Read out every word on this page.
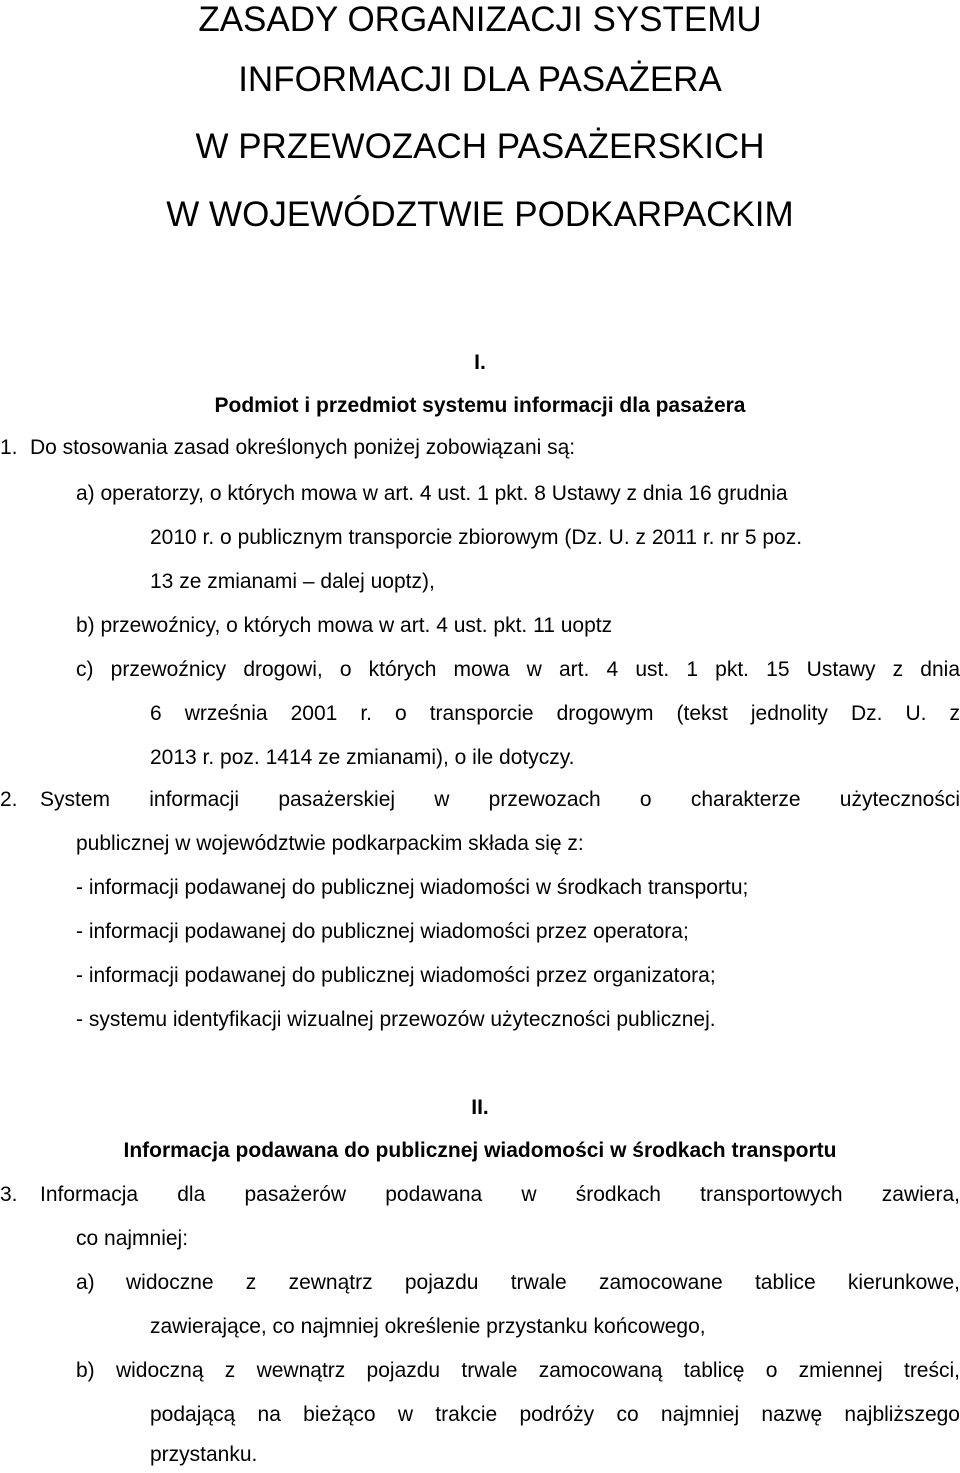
ZASADY ORGANIZACJI SYSTEMU
INFORMACJI DLA PASAŻERA
W PRZEWOZACH PASAŻERSKICH
W WOJEWÓDZTWIE PODKARPACKIM
I.
Podmiot i przedmiot systemu informacji dla pasażera
1. Do stosowania zasad określonych poniżej zobowiązani są:
a) operatorzy, o których mowa w art. 4 ust. 1 pkt. 8 Ustawy z dnia 16 grudnia
2010 r. o publicznym transporcie zbiorowym (Dz. U. z 2011 r. nr 5 poz.
13 ze zmianami – dalej uoptz),
b) przewoźnicy, o których mowa w art. 4 ust. pkt. 11 uoptz
c) przewoźnicy drogowi, o których mowa w art. 4 ust. 1 pkt. 15 Ustawy z dnia
6 września 2001 r. o transporcie drogowym (tekst jednolity Dz. U. z
2013 r. poz. 1414 ze zmianami), o ile dotyczy.
2. System informacji pasażerskiej w przewozach o charakterze użyteczności
publicznej w województwie podkarpackim składa się z:
- informacji podawanej do publicznej wiadomości w środkach transportu;
- informacji podawanej do publicznej wiadomości przez operatora;
- informacji podawanej do publicznej wiadomości przez organizatora;
- systemu identyfikacji wizualnej przewozów użyteczności publicznej.
II.
Informacja podawana do publicznej wiadomości w środkach transportu
3. Informacja dla pasażerów podawana w środkach transportowych zawiera,
co najmniej:
a) widoczne z zewnątrz pojazdu trwale zamocowane tablice kierunkowe,
zawierające, co najmniej określenie przystanku końcowego,
b) widoczną z wewnątrz pojazdu trwale zamocowaną tablicę o zmiennej treści,
podającą na bieżąco w trakcie podróży co najmniej nazwę najbliższego
przystanku.
